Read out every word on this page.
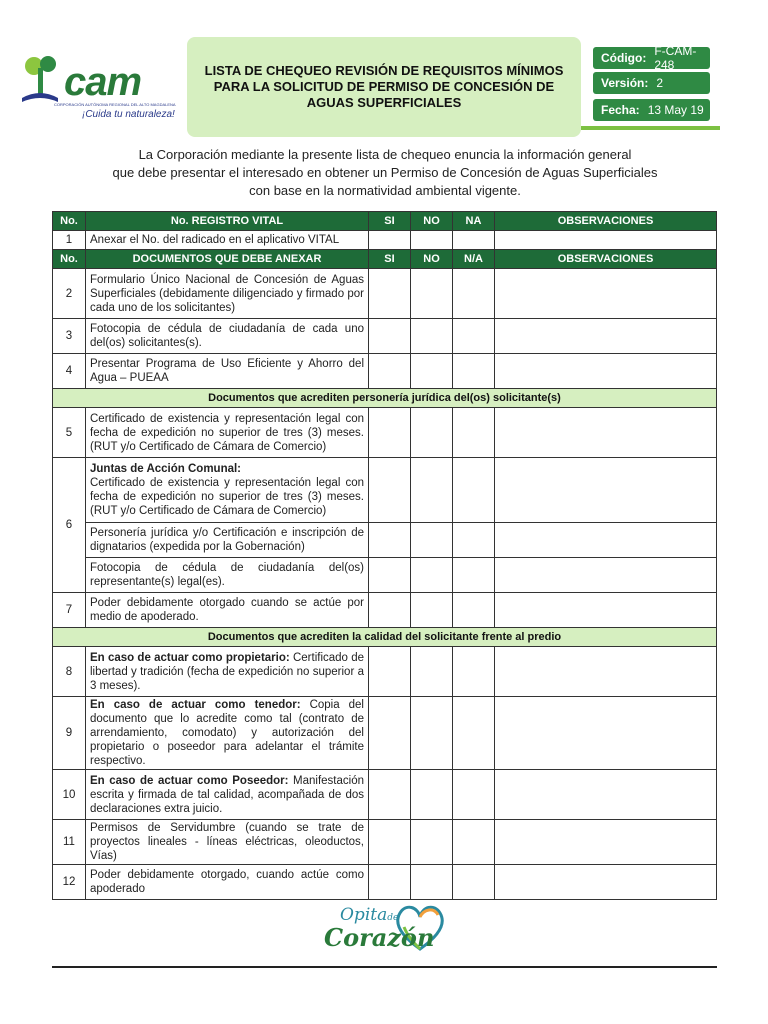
cam
CORPORACIÓN AUTÓNOMA REGIONAL DEL ALTO MAGDALENA
¡Cuida tu naturaleza!
LISTA DE CHEQUEO REVISIÓN DE REQUISITOS MÍNIMOS PARA LA SOLICITUD DE PERMISO DE CONCESIÓN DE AGUAS SUPERFICIALES
Código: F-CAM-248
Versión: 2
Fecha: 13 May 19
La Corporación mediante la presente lista de chequeo enuncia la información general
que debe presentar el interesado en obtener un Permiso de Concesión de Aguas Superficiales
con base en la normatividad ambiental vigente.
No.	No. REGISTRO VITAL	SI	NO	NA	OBSERVACIONES
1	Anexar el No. del radicado en el aplicativo VITAL				
No.	DOCUMENTOS QUE DEBE ANEXAR	SI	NO	N/A	OBSERVACIONES
2	Formulario Único Nacional de Concesión de Aguas Superficiales (debidamente diligenciado y firmado por cada uno de los solicitantes)				
3	Fotocopia de cédula de ciudadanía de cada uno del(os) solicitantes(s).				
4	Presentar Programa de Uso Eficiente y Ahorro del Agua – PUEAA				
Documentos que acrediten personería jurídica del(os) solicitante(s)					
5	Certificado de existencia y representación legal con fecha de expedición no superior de tres (3) meses. (RUT y/o Certificado de Cámara de Comercio)				
6	Juntas de Acción Comunal:
Certificado de existencia y representación legal con fecha de expedición no superior de tres (3) meses. (RUT y/o Certificado de Cámara de Comercio)				
	Personería jurídica y/o Certificación e inscripción de dignatarios (expedida por la Gobernación)				
	Fotocopia de cédula de ciudadanía del(os) representante(s) legal(es).				
7	Poder debidamente otorgado cuando se actúe por medio de apoderado.				
Documentos que acrediten la calidad del solicitante frente al predio					
8	En caso de actuar como propietario: Certificado de libertad y tradición (fecha de expedición no superior a 3 meses).				
9	En caso de actuar como tenedor: Copia del documento que lo acredite como tal (contrato de arrendamiento, comodato) y autorización del propietario o poseedor para adelantar el trámite respectivo.				
10	En caso de actuar como Poseedor: Manifestación escrita y firmada de tal calidad, acompañada de dos declaraciones extra juicio.				
11	Permisos de Servidumbre (cuando se trate de proyectos lineales - líneas eléctricas, oleoductos, Vías)				
12	Poder debidamente otorgado, cuando actúe como apoderado				
Opitade
Corazón
